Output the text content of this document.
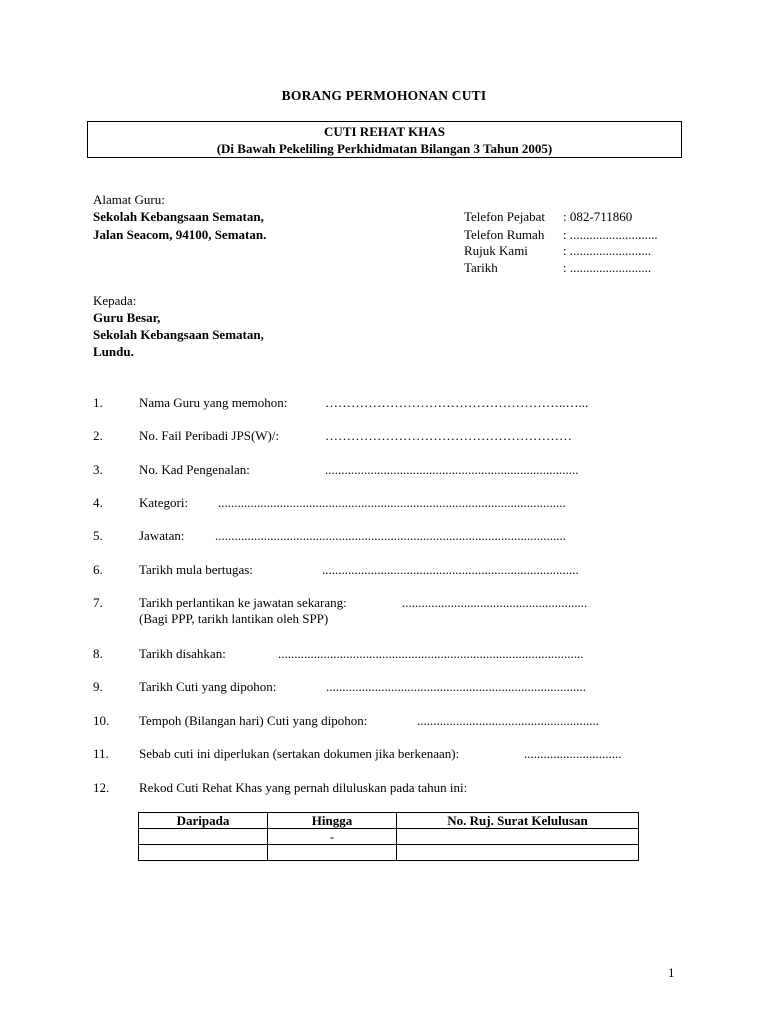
BORANG PERMOHONAN CUTI
CUTI REHAT KHAS
(Di Bawah Pekeliling Perkhidmatan Bilangan 3 Tahun 2005)
Alamat Guru:
Sekolah Kebangsaan Sematan,
Jalan Seacom, 94100, Sematan.
Telefon Pejabat : 082-711860
Telefon Rumah : ...........................
Rujuk Kami	: .........................
Tarikh	: .........................
Kepada:
Guru Besar,
Sekolah Kebangsaan Sematan,
Lundu.
1.	Nama Guru yang memohon:	………………………………………………..…...
2.	No. Fail Peribadi JPS(W)/:	…………………………………………………
3.	No. Kad Pengenalan:	..............................................................................
4.	Kategori: ...........................................................................................................
5.	Jawatan: ............................................................................................................
6.	Tarikh mula bertugas:	...............................................................................
7.	Tarikh perlantikan ke jawatan sekarang:	.........................................................
(Bagi PPP, tarikh lantikan oleh SPP)
8.	Tarikh disahkan:	..............................................................................................
9.	Tarikh Cuti yang dipohon:	................................................................................
10. Tempoh (Bilangan hari) Cuti yang dipohon:	........................................................
11. Sebab cuti ini diperlukan (sertakan dokumen jika berkenaan):	..............................
12. Rekod Cuti Rehat Khas yang pernah diluluskan pada tahun ini:
Daripada	Hingga	No. Ruj. Surat Kelulusan
	-	

1
